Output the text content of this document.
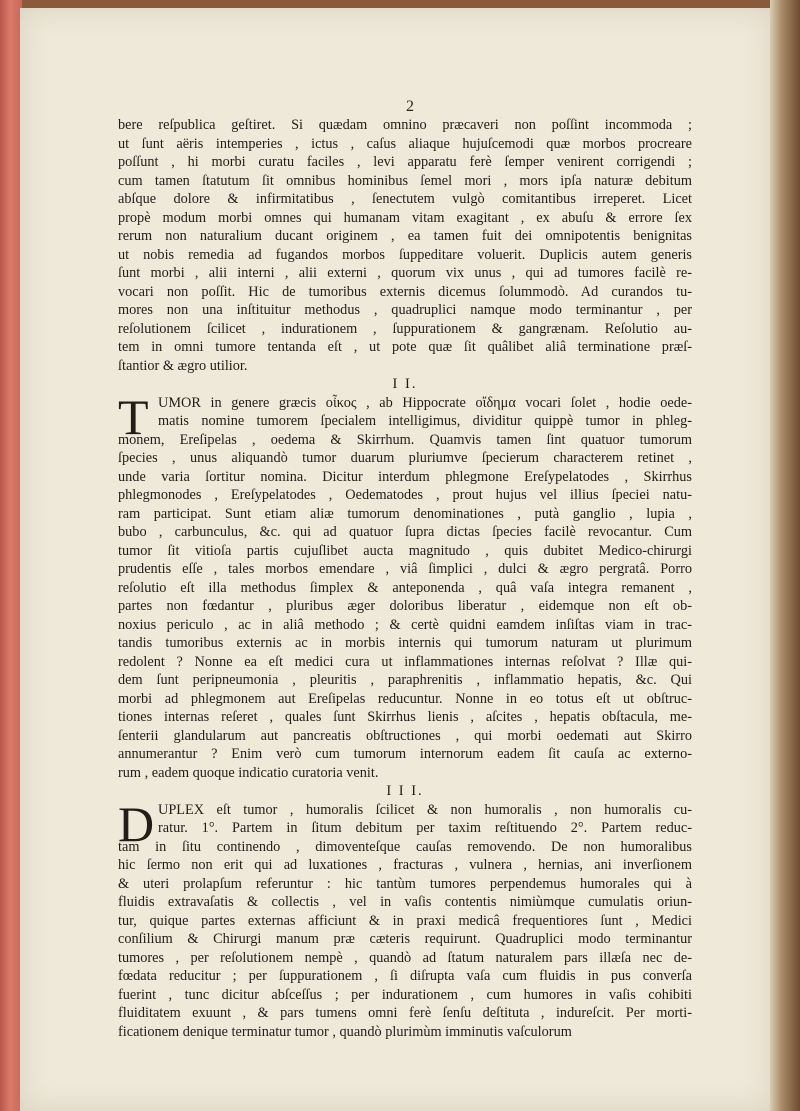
2
bere reſpublica geſtiret. Si quædam omnino præcaveri non poſſint incommoda ;
ut ſunt aëris intemperies , ictus , caſus aliaque hujuſcemodi quæ morbos procreare
poſſunt , hi morbi curatu faciles , levi apparatu ferè ſemper venirent corrigendi ;
cum tamen ſtatutum ſit omnibus hominibus ſemel mori , mors ipſa naturæ debitum
abſque dolore & infirmitatibus , ſenectutem vulgò comitantibus irreperet. Licet
propè modum morbi omnes qui humanam vitam exagitant , ex abuſu & errore ſex
rerum non naturalium ducant originem , ea tamen fuit dei omnipotentis benignitas
ut nobis remedia ad fugandos morbos ſuppeditare voluerit. Duplicis autem generis
ſunt morbi , alii interni , alii externi , quorum vix unus , qui ad tumores facilè re-
vocari non poſſit. Hic de tumoribus externis dicemus ſolummodò. Ad curandos tu-
mores non una inſtituitur methodus , quadruplici namque modo terminantur , per
reſolutionem ſcilicet , indurationem , ſuppurationem & gangrænam. Reſolutio au-
tem in omni tumore tentanda eſt , ut pote quæ ſit quâlibet aliâ terminatione præſ-
ſtantior & ægro utilior.
I I.
T UMOR in genere græcis οἶκος , ab Hippocrate οἴδημα vocari ſolet , hodie oede-
matis nomine tumorem ſpecialem intelligimus, dividitur quippè tumor in phleg-
monem, Ereſipelas , oedema & Skirrhum. Quamvis tamen ſint quatuor tumorum
ſpecies , unus aliquandò tumor duarum pluriumve ſpecierum characterem retinet ,
unde varia ſortitur nomina. Dicitur interdum phlegmone Ereſypelatodes , Skirrhus
phlegmonodes , Ereſypelatodes , Oedematodes , prout hujus vel illius ſpeciei natu-
ram participat. Sunt etiam aliæ tumorum denominationes , putà ganglio , lupia ,
bubo , carbunculus, &c. qui ad quatuor ſupra dictas ſpecies facilè revocantur. Cum
tumor ſit vitioſa partis cujuſlibet aucta magnitudo , quis dubitet Medico-chirurgi
prudentis eſſe , tales morbos emendare , viâ ſimplici , dulci & ægro pergratâ. Porro
reſolutio eſt illa methodus ſimplex & anteponenda , quâ vaſa integra remanent ,
partes non fœdantur , pluribus æger doloribus liberatur , eidemque non eſt ob-
noxius periculo , ac in aliâ methodo ; & certè quidni eamdem inſiſtas viam in trac-
tandis tumoribus externis ac in morbis internis qui tumorum naturam ut plurimum
redolent ? Nonne ea eſt medici cura ut inflammationes internas reſolvat ? Illæ qui-
dem ſunt peripneumonia , pleuritis , paraphrenitis , inflammatio hepatis, &c. Qui
morbi ad phlegmonem aut Ereſipelas reducuntur. Nonne in eo totus eſt ut obſtruc-
tiones internas reſeret , quales ſunt Skirrhus lienis , aſcites , hepatis obſtacula, me-
ſenterii glandularum aut pancreatis obſtructiones , qui morbi oedemati aut Skirro
annumerantur ? Enim verò cum tumorum internorum eadem ſit cauſa ac externo-
rum , eadem quoque indicatio curatoria venit.
I I I.
D UPLEX eſt tumor , humoralis ſcilicet & non humoralis , non humoralis cu-
ratur. 1°. Partem in ſitum debitum per taxim reſtituendo 2°. Partem reduc-
tam in ſitu continendo , dimoventeſque cauſas removendo. De non humoralibus
hic ſermo non erit qui ad luxationes , fracturas , vulnera , hernias, ani inverſionem
& uteri prolapſum referuntur : hic tantùm tumores perpendemus humorales qui à
fluidis extravaſatis & collectis , vel in vaſis contentis nimiùmque cumulatis oriun-
tur, quique partes externas afficiunt & in praxi medicâ frequentiores ſunt , Medici
conſilium & Chirurgi manum præ cæteris requirunt. Quadruplici modo terminantur
tumores , per reſolutionem nempè , quandò ad ſtatum naturalem pars illæſa nec de-
fœdata reducitur ; per ſuppurationem , ſi diſrupta vaſa cum fluidis in pus converſa
fuerint , tunc dicitur abſceſſus ; per indurationem , cum humores in vaſis cohibiti
fluiditatem exuunt , & pars tumens omni ferè ſenſu deſtituta , indureſcit. Per morti-
ficationem denique terminatur tumor , quandò plurimùm imminutis vaſculorum
